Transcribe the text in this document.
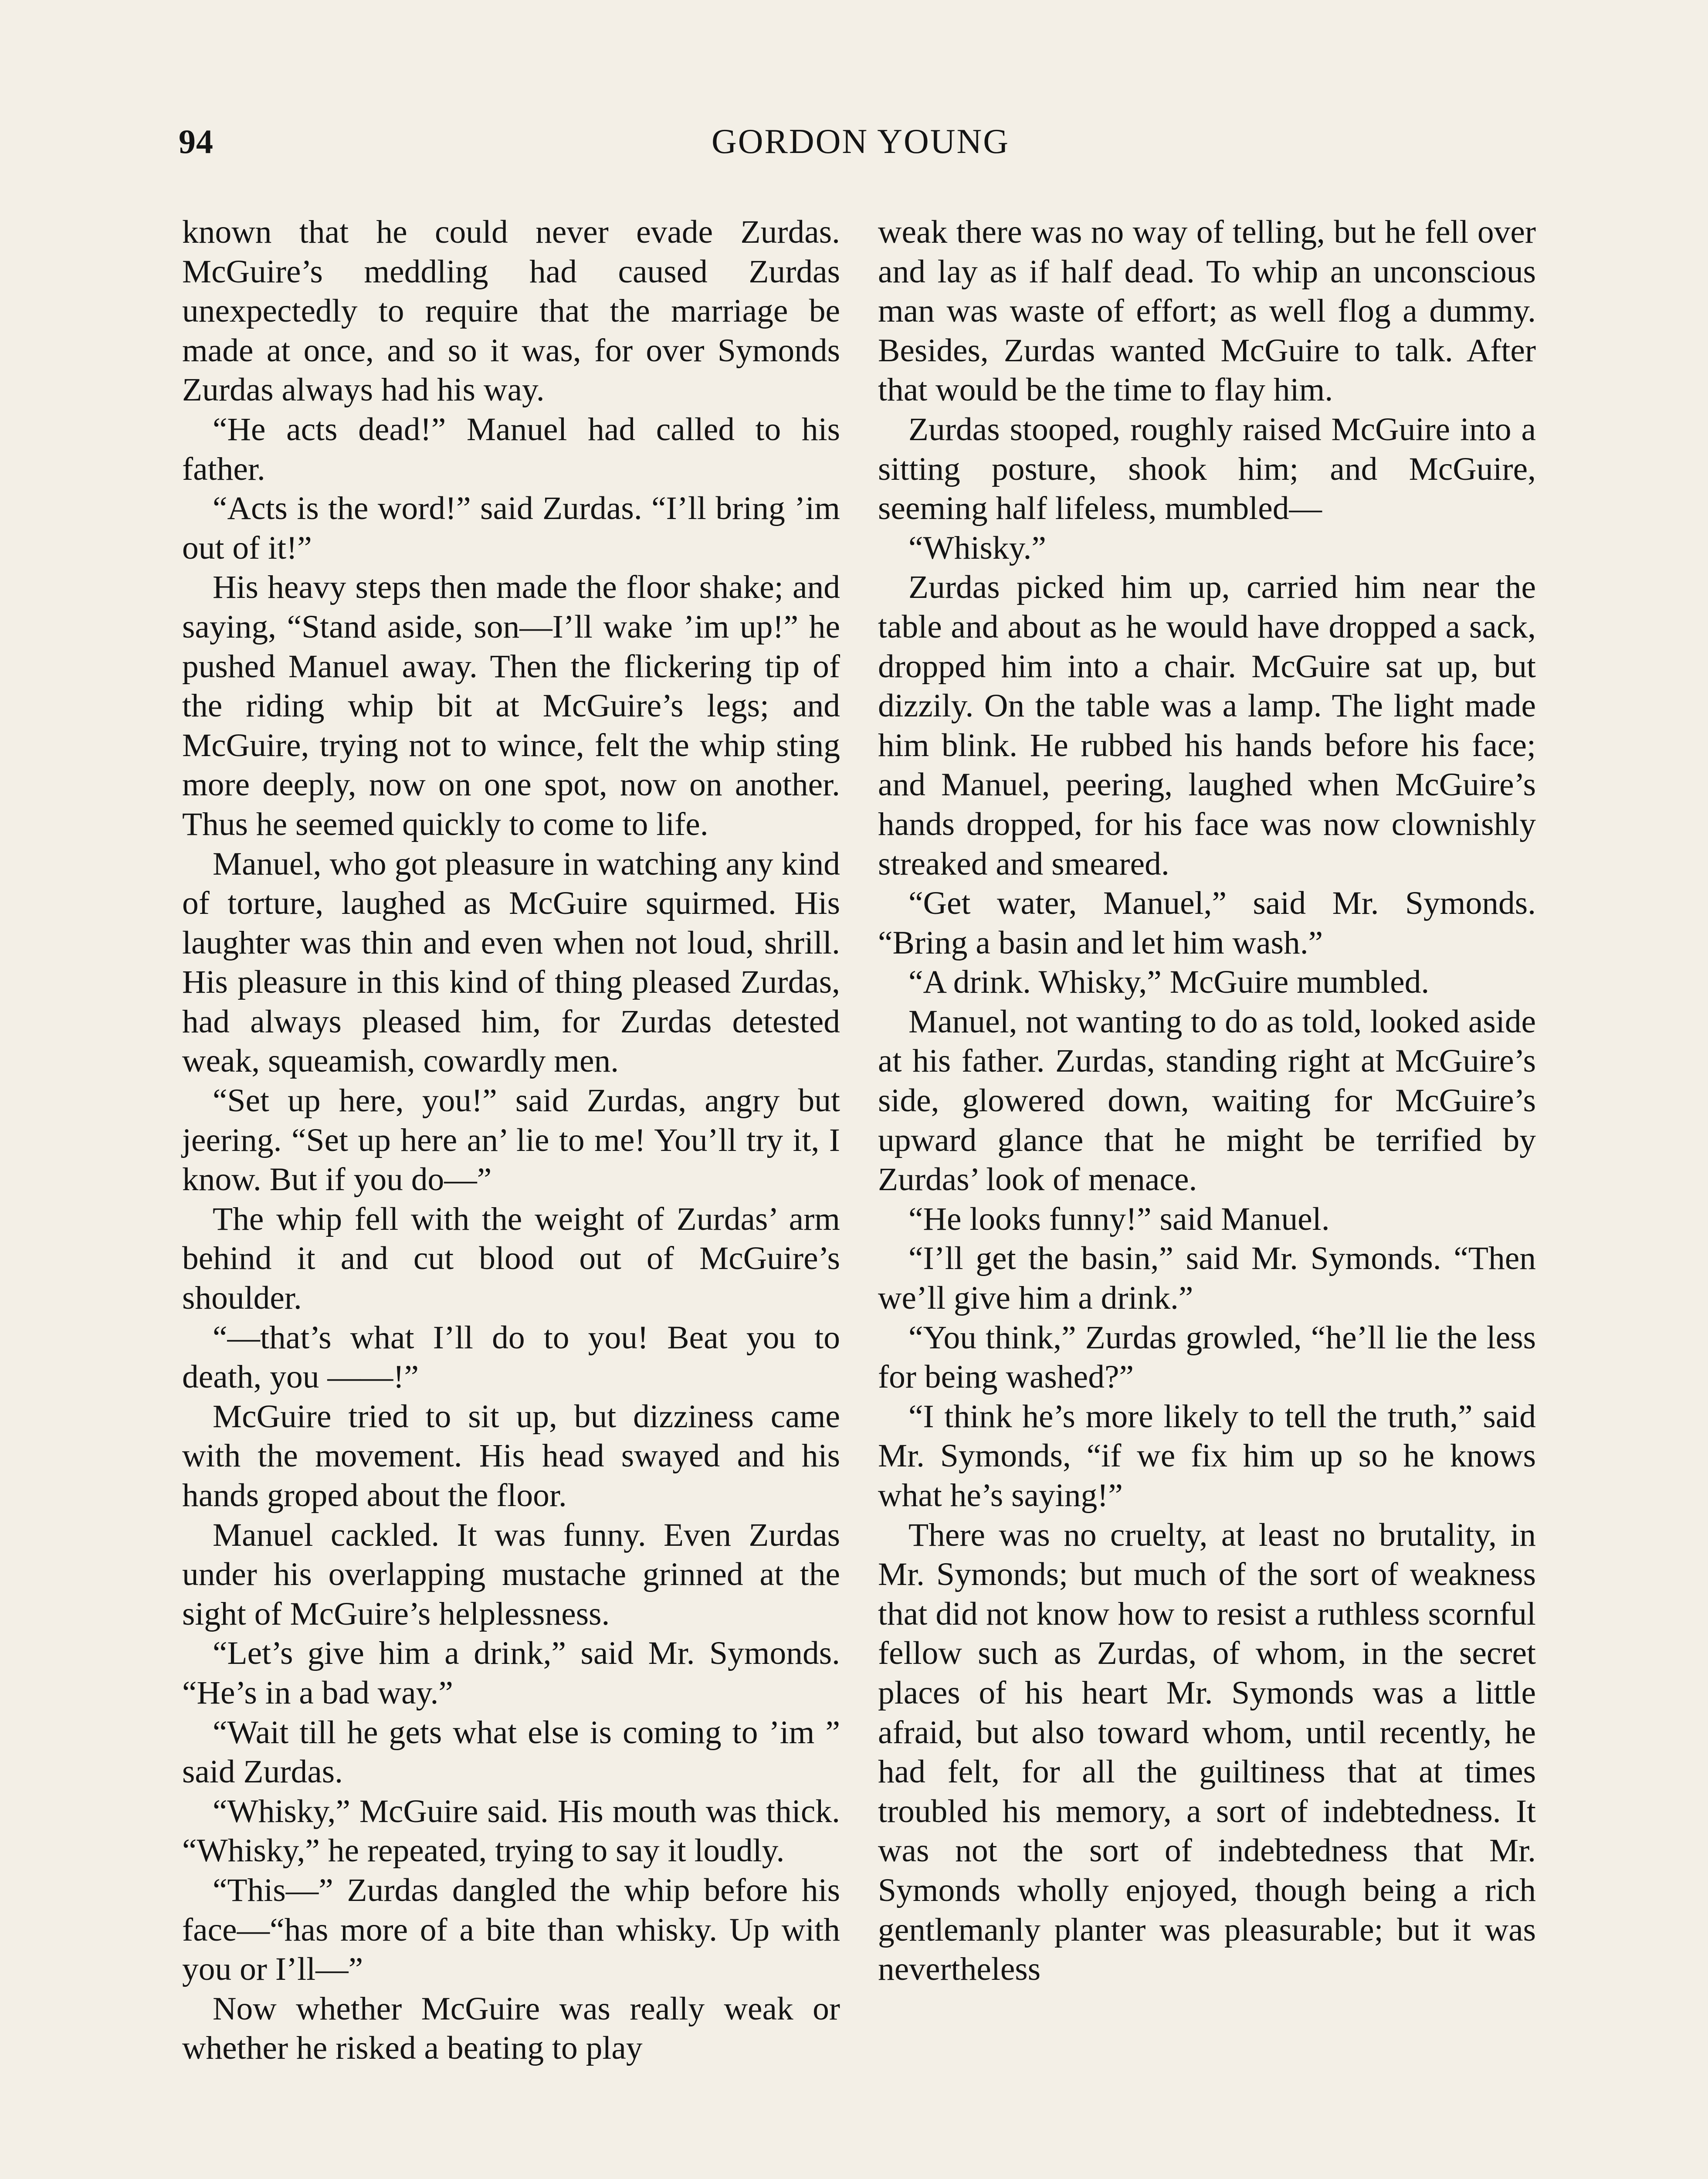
94	GORDON YOUNG

known that he could never evade Zurdas. McGuire’s meddling had caused Zurdas unexpectedly to require that the marriage be made at once, and so it was, for over Symonds Zurdas always had his way.

“He acts dead!” Manuel had called to his father.

“Acts is the word!” said Zurdas. “I’ll bring ’im out of it!”

His heavy steps then made the floor shake; and saying, “Stand aside, son—I’ll wake ’im up!” he pushed Manuel away. Then the flickering tip of the riding whip bit at McGuire’s legs; and McGuire, trying not to wince, felt the whip sting more deeply, now on one spot, now on another. Thus he seemed quickly to come to life.

Manuel, who got pleasure in watching any kind of torture, laughed as McGuire squirmed. His laughter was thin and even when not loud, shrill. His pleasure in this kind of thing pleased Zurdas, had always pleased him, for Zurdas detested weak, squeamish, cowardly men.

“Set up here, you!” said Zurdas, angry but jeering. “Set up here an’ lie to me! You’ll try it, I know. But if you do—”

The whip fell with the weight of Zurdas’ arm behind it and cut blood out of McGuire’s shoulder.

“—that’s what I’ll do to you! Beat you to death, you ——!”

McGuire tried to sit up, but dizziness came with the movement. His head swayed and his hands groped about the floor.

Manuel cackled. It was funny. Even Zurdas under his overlapping mustache grinned at the sight of McGuire’s helplessness.

“Let’s give him a drink,” said Mr. Symonds. “He’s in a bad way.”

“Wait till he gets what else is coming to ’im ” said Zurdas.

“Whisky,” McGuire said. His mouth was thick. “Whisky,” he repeated, trying to say it loudly.

“This—” Zurdas dangled the whip before his face—“has more of a bite than whisky. Up with you or I’ll—”

Now whether McGuire was really weak or whether he risked a beating to play

weak there was no way of telling, but he fell over and lay as if half dead. To whip an unconscious man was waste of effort; as well flog a dummy. Besides, Zurdas wanted McGuire to talk. After that would be the time to flay him.

Zurdas stooped, roughly raised McGuire into a sitting posture, shook him; and McGuire, seeming half lifeless, mumbled—

“Whisky.”

Zurdas picked him up, carried him near the table and about as he would have dropped a sack, dropped him into a chair. McGuire sat up, but dizzily. On the table was a lamp. The light made him blink. He rubbed his hands before his face; and Manuel, peering, laughed when McGuire’s hands dropped, for his face was now clownishly streaked and smeared.

“Get water, Manuel,” said Mr. Symonds. “Bring a basin and let him wash.”

“A drink. Whisky,” McGuire mumbled.

Manuel, not wanting to do as told, looked aside at his father. Zurdas, standing right at McGuire’s side, glowered down, waiting for McGuire’s upward glance that he might be terrified by Zurdas’ look of menace.

“He looks funny!” said Manuel.

“I’ll get the basin,” said Mr. Symonds. “Then we’ll give him a drink.”

“You think,” Zurdas growled, “he’ll lie the less for being washed?”

“I think he’s more likely to tell the truth,” said Mr. Symonds, “if we fix him up so he knows what he’s saying!”

There was no cruelty, at least no brutality, in Mr. Symonds; but much of the sort of weakness that did not know how to resist a ruthless scornful fellow such as Zurdas, of whom, in the secret places of his heart Mr. Symonds was a little afraid, but also toward whom, until recently, he had felt, for all the guiltiness that at times troubled his memory, a sort of indebtedness. It was not the sort of indebtedness that Mr. Symonds wholly enjoyed, though being a rich gentlemanly planter was pleasurable; but it was nevertheless
